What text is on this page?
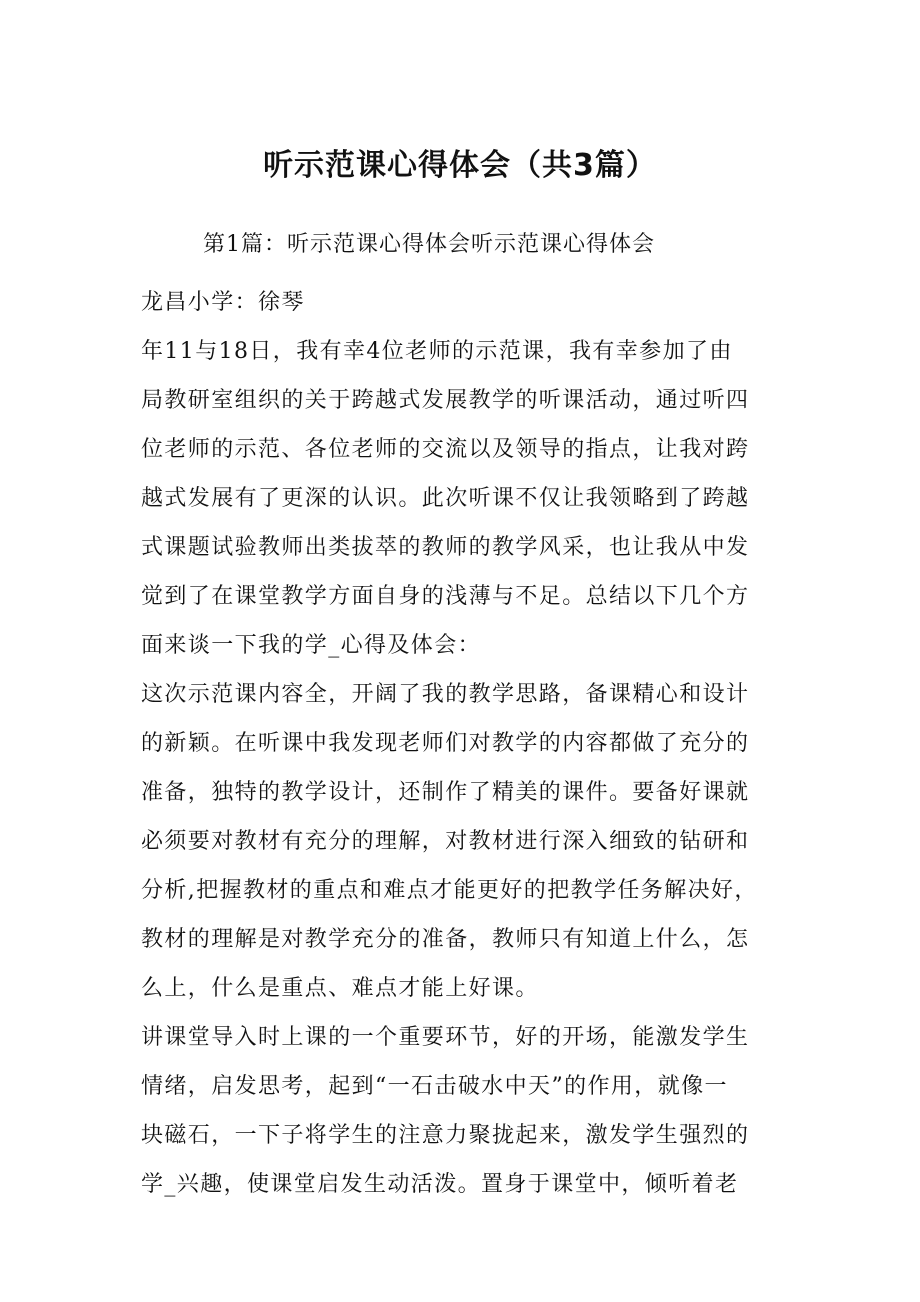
听示范课心得体会（共3篇）

第1篇：听示范课心得体会听示范课心得体会

龙昌小学：徐琴
年11与18日，我有幸4位老师的示范课，我有幸参加了由
局教研室组织的关于跨越式发展教学的听课活动，通过听四
位老师的示范、各位老师的交流以及领导的指点，让我对跨
越式发展有了更深的认识。此次听课不仅让我领略到了跨越
式课题试验教师出类拔萃的教师的教学风采，也让我从中发
觉到了在课堂教学方面自身的浅薄与不足。总结以下几个方
面来谈一下我的学_心得及体会：
这次示范课内容全，开阔了我的教学思路，备课精心和设计
的新颖。在听课中我发现老师们对教学的内容都做了充分的
准备，独特的教学设计，还制作了精美的课件。要备好课就
必须要对教材有充分的理解，对教材进行深入细致的钻研和
分析,把握教材的重点和难点才能更好的把教学任务解决好，
教材的理解是对教学充分的准备，教师只有知道上什么，怎
么上，什么是重点、难点才能上好课。
讲课堂导入时上课的一个重要环节，好的开场，能激发学生
情绪，启发思考，起到“一石击破水中天”的作用，就像一
块磁石，一下子将学生的注意力聚拢起来，激发学生强烈的
学_兴趣，使课堂启发生动活泼。置身于课堂中，倾听着老
